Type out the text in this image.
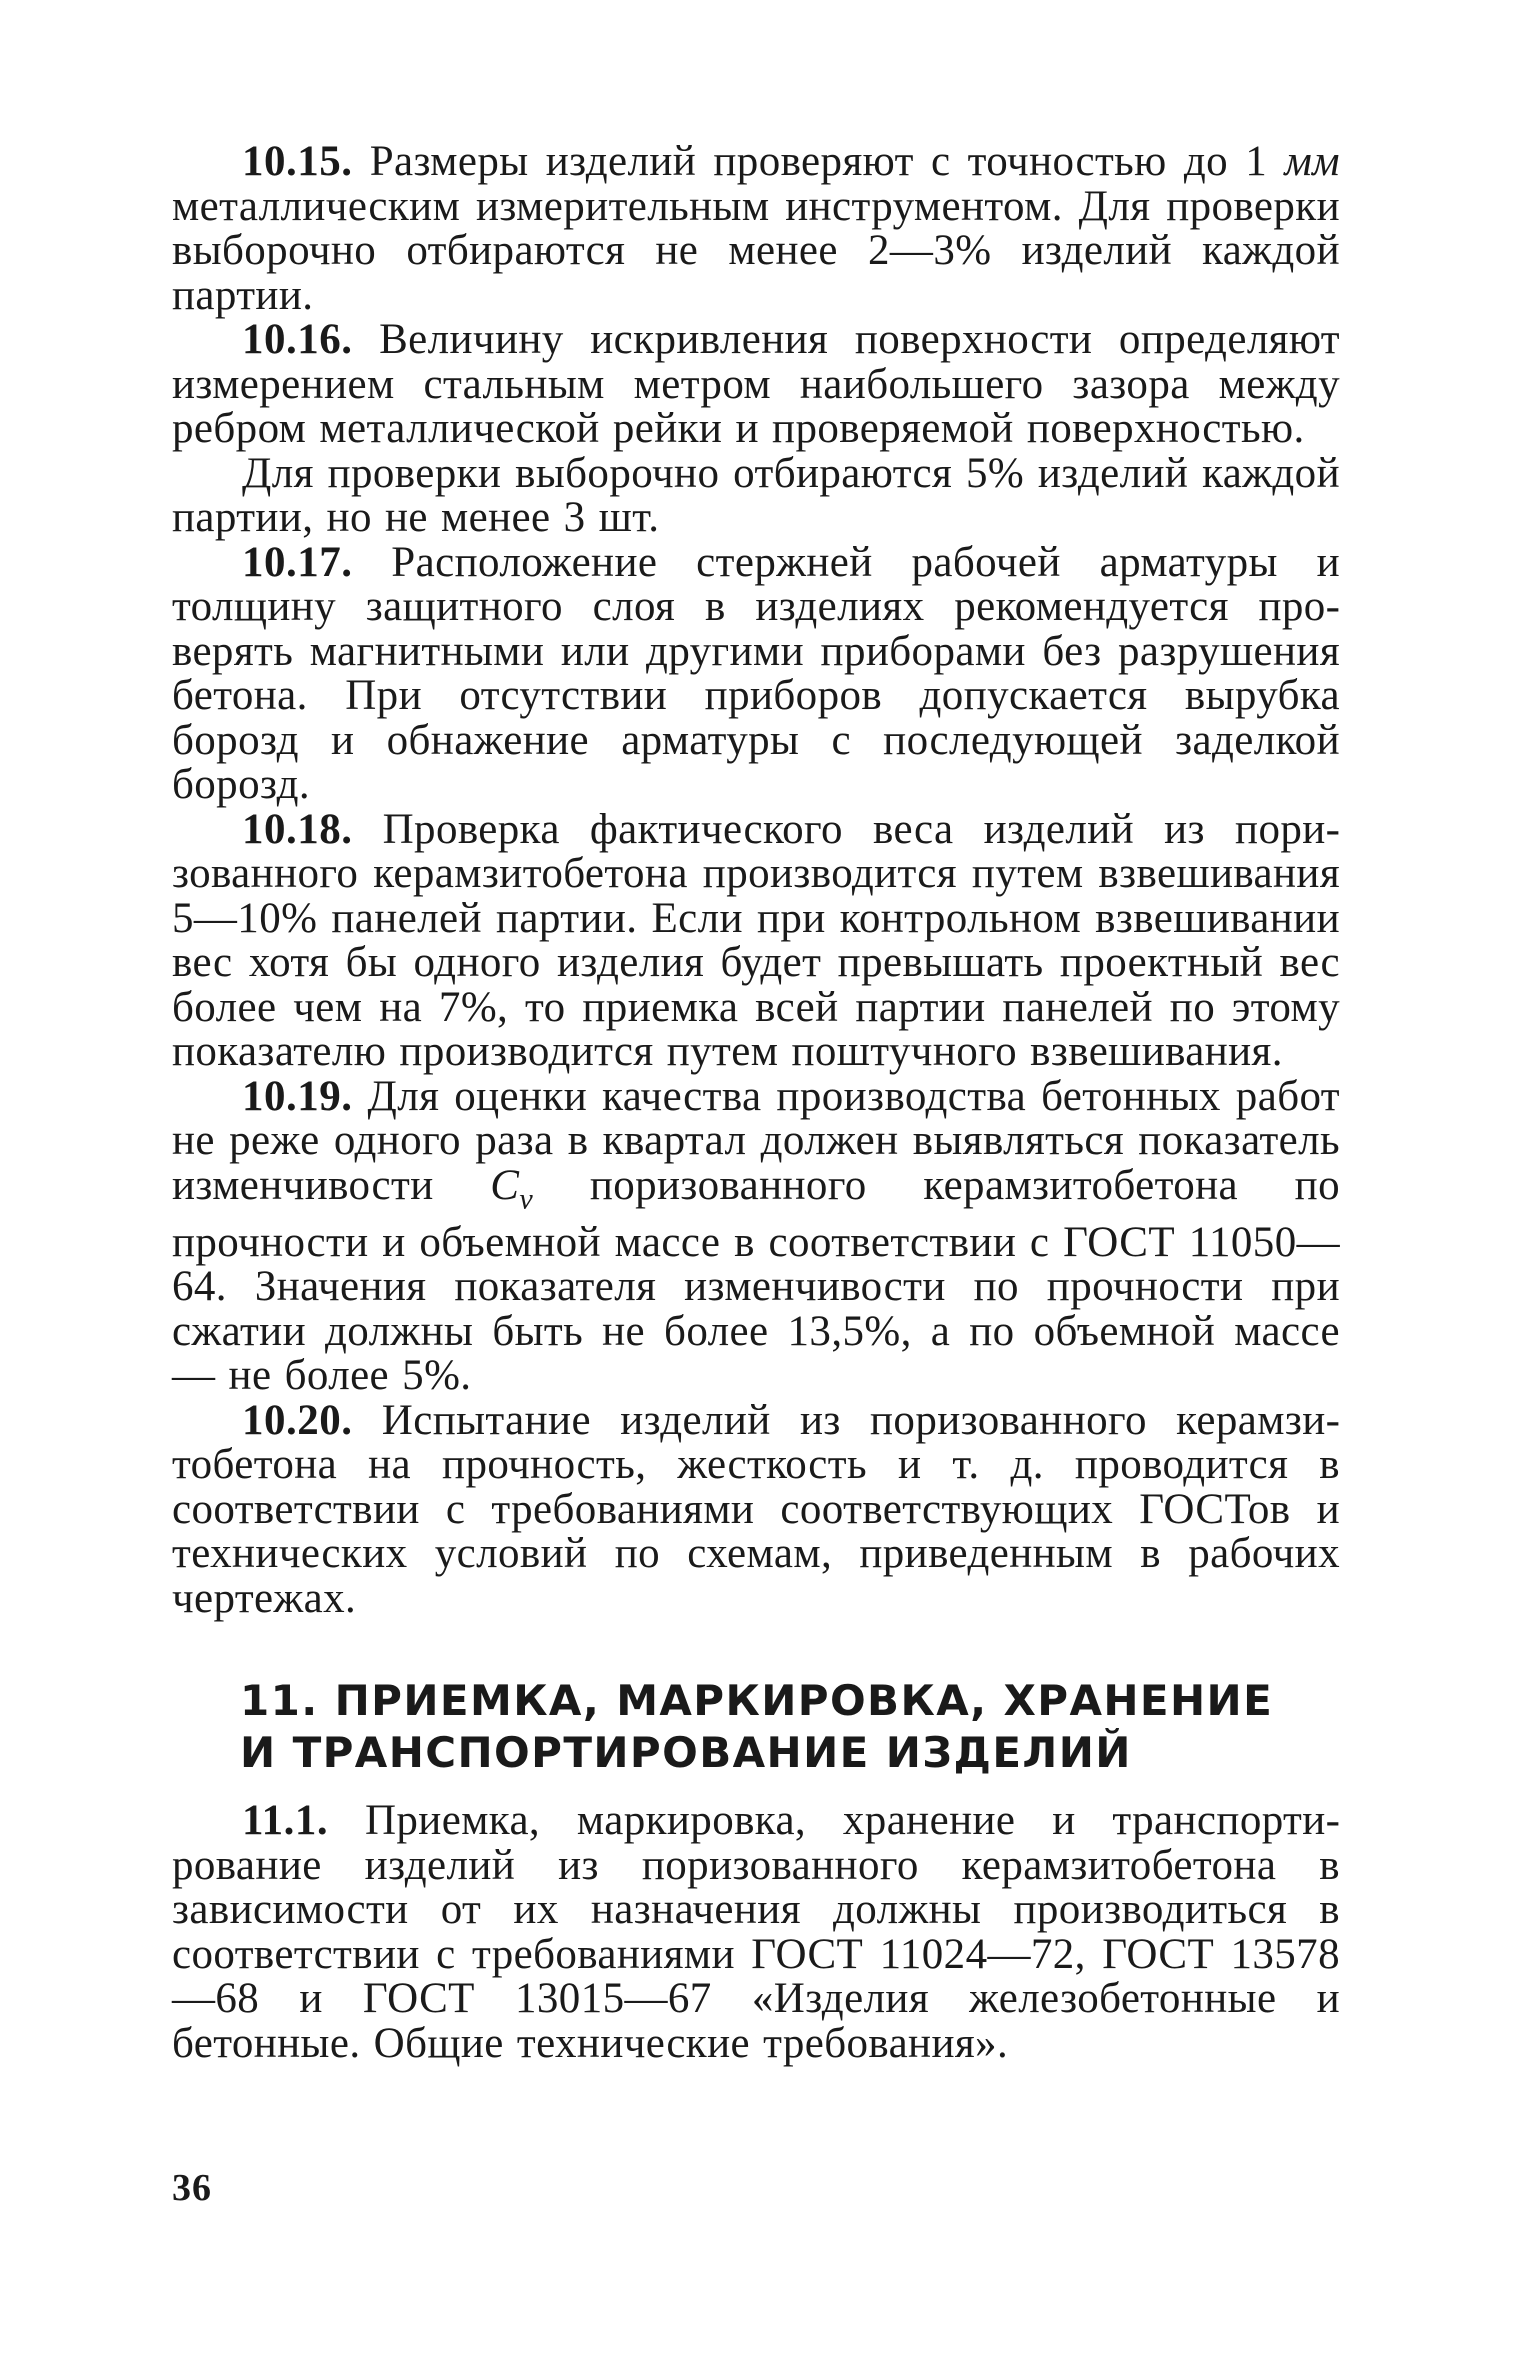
10.15. Размеры изделий проверяют с точностью до 1 мм металлическим измерительным инструментом. Для проверки выборочно отбираются не менее 2—3% изделий каждой партии.

10.16. Величину искривления поверхности определяют измерением стальным метром наибольшего зазора между ребром металлической рейки и проверяемой поверхностью.

Для проверки выборочно отбираются 5% изделий каждой партии, но не менее 3 шт.

10.17. Расположение стержней рабочей арматуры и толщину защитного слоя в изделиях рекомендуется проверять магнитными или другими приборами без разрушения бетона. При отсутствии приборов допускается вырубка борозд и обнажение арматуры с последующей заделкой борозд.

10.18. Проверка фактического веса изделий из поризованного керамзитобетона производится путем взвешивания 5—10% панелей партии. Если при контрольном взвешивании вес хотя бы одного изделия будет превышать проектный вес более чем на 7%, то приемка всей партии панелей по этому показателю производится путем поштучного взвешивания.

10.19. Для оценки качества производства бетонных работ не реже одного раза в квартал должен выявляться показатель изменчивости $C_v$ поризованного керамзитобетона по прочности и объемной массе в соответствии с ГОСТ 11050—64. Значения показателя изменчивости по прочности при сжатии должны быть не более 13,5%, а по объемной массе — не более 5%.

10.20. Испытание изделий из поризованного керамзитобетона на прочность, жесткость и т. д. проводится в соответствии с требованиями соответствующих ГОСТов и технических условий по схемам, приведенным в рабочих чертежах.

11. ПРИЕМКА, МАРКИРОВКА, ХРАНЕНИЕ
И ТРАНСПОРТИРОВАНИЕ ИЗДЕЛИЙ

11.1. Приемка, маркировка, хранение и транспортирование изделий из поризованного керамзитобетона в зависимости от их назначения должны производиться в соответствии с требованиями ГОСТ 11024—72, ГОСТ 13578—68 и ГОСТ 13015—67 «Изделия железобетонные и бетонные. Общие технические требования».

36
